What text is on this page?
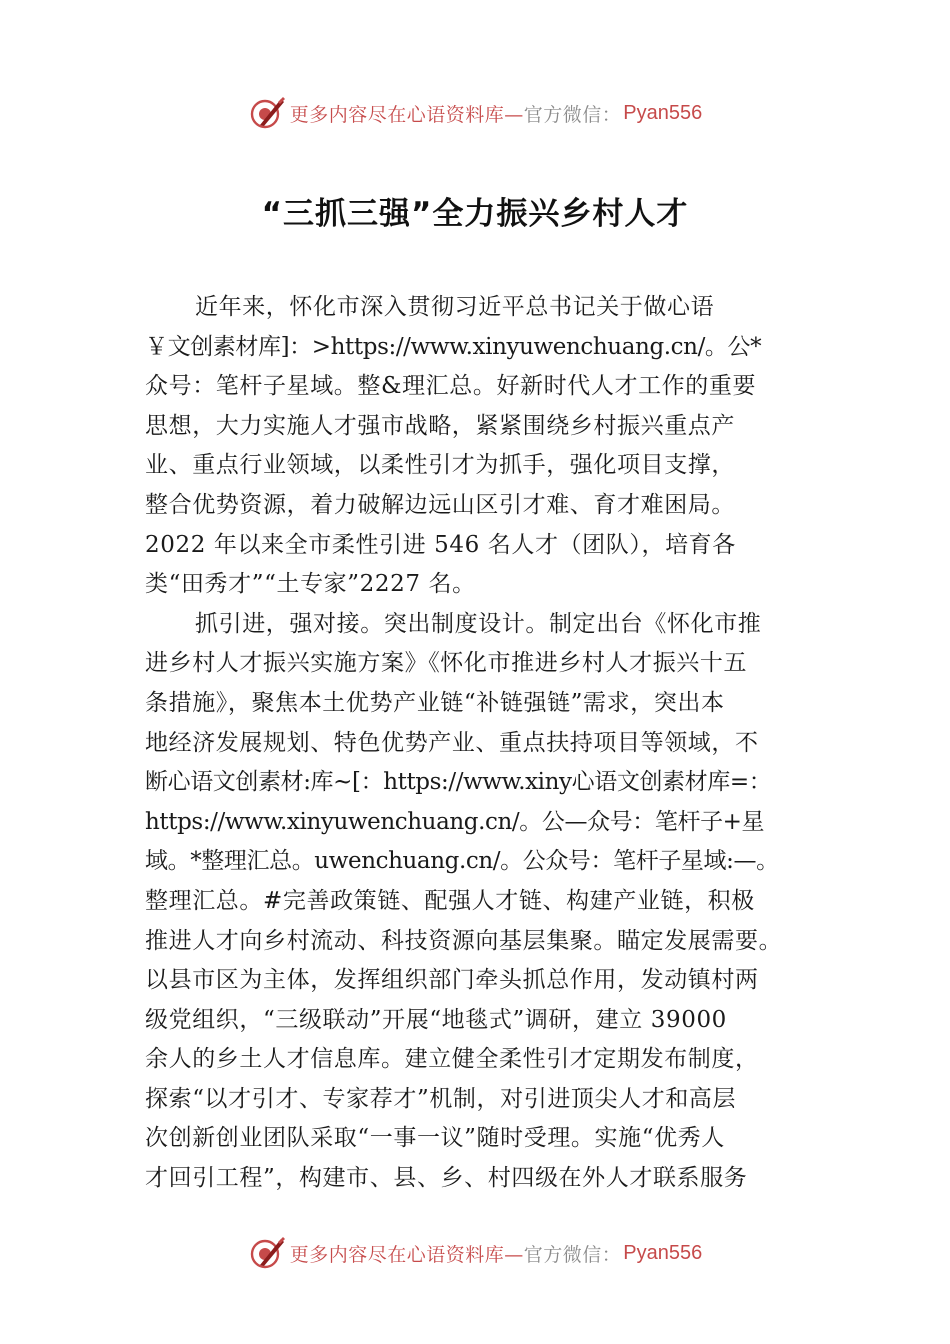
更多内容尽在心语资料库—官方微信： Pyan556
“三抓三强”全力振兴乡村人才
近年来，怀化市深入贯彻习近平总书记关于做心语
￥文创素材库]：>https://www.xinyuwenchuang.cn/。公*
众号：笔杆子星域。整&理汇总。好新时代人才工作的重要
思想，大力实施人才强市战略，紧紧围绕乡村振兴重点产
业、重点行业领域，以柔性引才为抓手，强化项目支撑，
整合优势资源，着力破解边远山区引才难、育才难困局。
2022 年以来全市柔性引进 546 名人才（团队），培育各
类“田秀才”“土专家”2227 名。
抓引进，强对接。突出制度设计。制定出台《怀化市推
进乡村人才振兴实施方案》《怀化市推进乡村人才振兴十五
条措施》，聚焦本土优势产业链“补链强链”需求，突出本
地经济发展规划、特色优势产业、重点扶持项目等领域，不
断心语文创素材:库~[：https://www.xiny心语文创素材库=：
https://www.xinyuwenchuang.cn/。公—众号：笔杆子+星
域。*整理汇总。uwenchuang.cn/。公众号：笔杆子星域:—。
整理汇总。#完善政策链、配强人才链、构建产业链，积极
推进人才向乡村流动、科技资源向基层集聚。瞄定发展需要。
以县市区为主体，发挥组织部门牵头抓总作用，发动镇村两
级党组织，“三级联动”开展“地毯式”调研，建立 39000
余人的乡土人才信息库。建立健全柔性引才定期发布制度，
探索“以才引才、专家荐才”机制，对引进顶尖人才和高层
次创新创业团队采取“一事一议”随时受理。实施“优秀人
才回引工程”，构建市、县、乡、村四级在外人才联系服务
更多内容尽在心语资料库—官方微信： Pyan556
